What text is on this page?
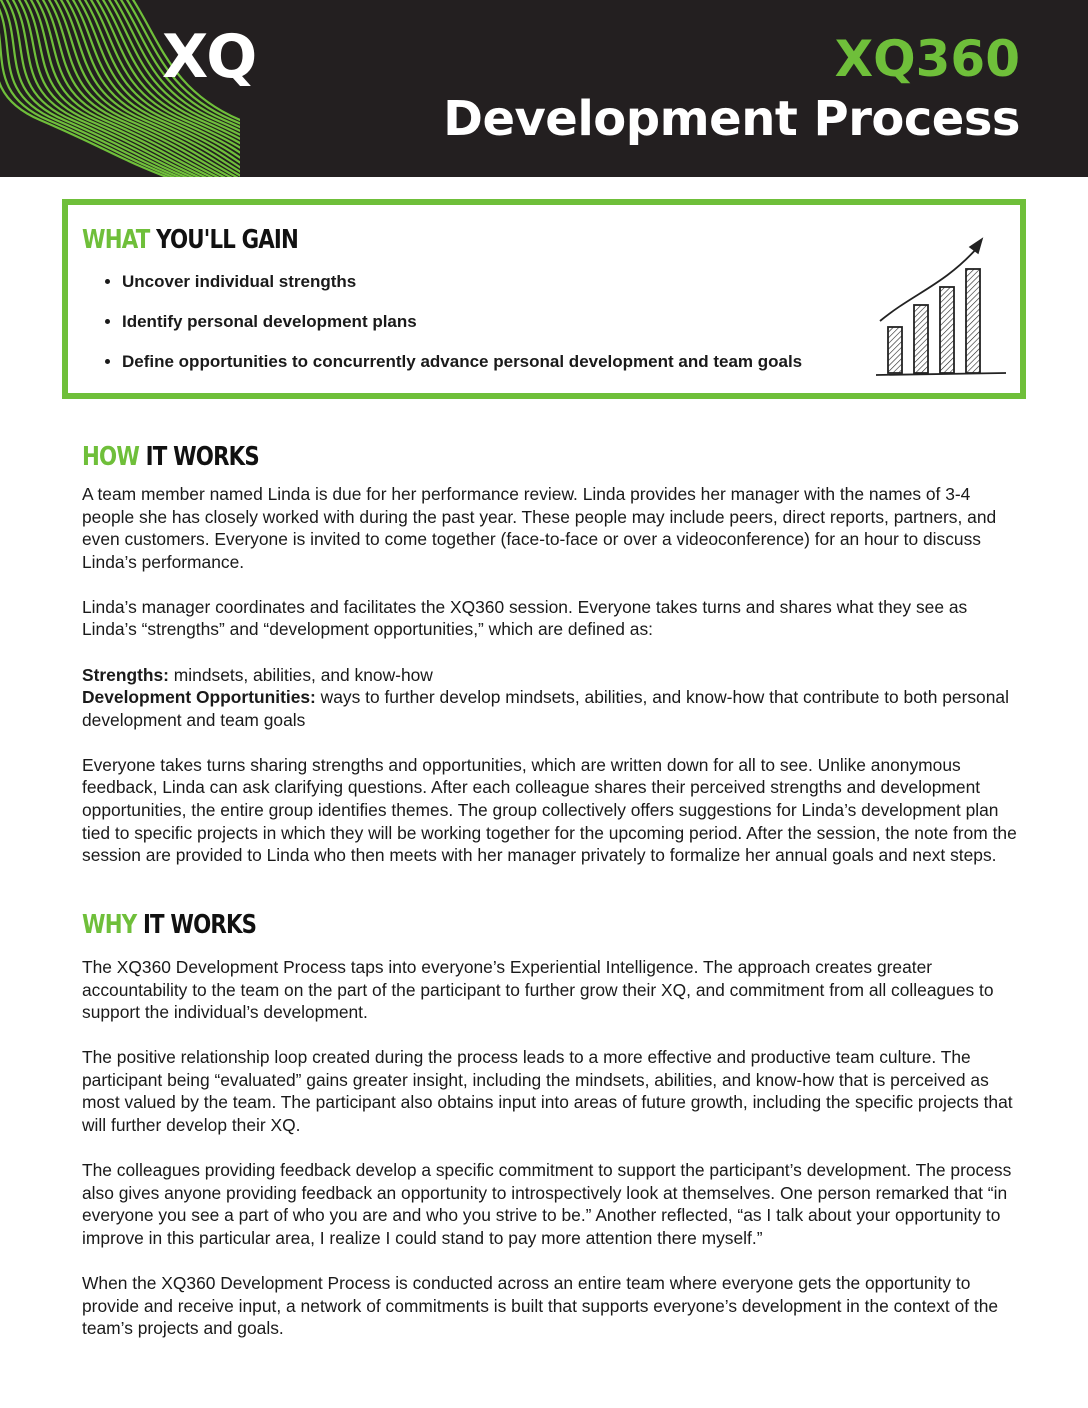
XQ	XQ360
Development Process
WHAT YOU'LL GAIN
• Uncover individual strengths
• Identify personal development plans
• Define opportunities to concurrently advance personal development and team goals
HOW IT WORKS

A team member named Linda is due for her performance review. Linda provides her manager with the names of 3-4 people she has closely worked with during the past year. These people may include peers, direct reports, partners, and even customers. Everyone is invited to come together (face-to-face or over a videoconference) for an hour to discuss Linda’s performance.

Linda’s manager coordinates and facilitates the XQ360 session. Everyone takes turns and shares what they see as Linda’s “strengths” and “development opportunities,” which are defined as:

Strengths: mindsets, abilities, and know-how

Development Opportunities: ways to further develop mindsets, abilities, and know-how that contribute to both personal development and team goals

Everyone takes turns sharing strengths and opportunities, which are written down for all to see. Unlike anonymous feedback, Linda can ask clarifying questions. After each colleague shares their perceived strengths and development opportunities, the entire group identifies themes. The group collectively offers suggestions for Linda’s development plan tied to specific projects in which they will be working together for the upcoming period. After the session, the note from the session are provided to Linda who then meets with her manager privately to formalize her annual goals and next steps.

WHY IT WORKS

The XQ360 Development Process taps into everyone’s Experiential Intelligence. The approach creates greater accountability to the team on the part of the participant to further grow their XQ, and commitment from all colleagues to support the individual’s development.

The positive relationship loop created during the process leads to a more effective and productive team culture. The participant being “evaluated” gains greater insight, including the mindsets, abilities, and know-how that is perceived as most valued by the team. The participant also obtains input into areas of future growth, including the specific projects that will further develop their XQ.

The colleagues providing feedback develop a specific commitment to support the participant’s development. The process also gives anyone providing feedback an opportunity to introspectively look at themselves. One person remarked that “in everyone you see a part of who you are and who you strive to be.” Another reflected, “as I talk about your opportunity to improve in this particular area, I realize I could stand to pay more attention there myself.”

When the XQ360 Development Process is conducted across an entire team where everyone gets the opportunity to provide and receive input, a network of commitments is built that supports everyone’s development in the context of the team’s projects and goals.
